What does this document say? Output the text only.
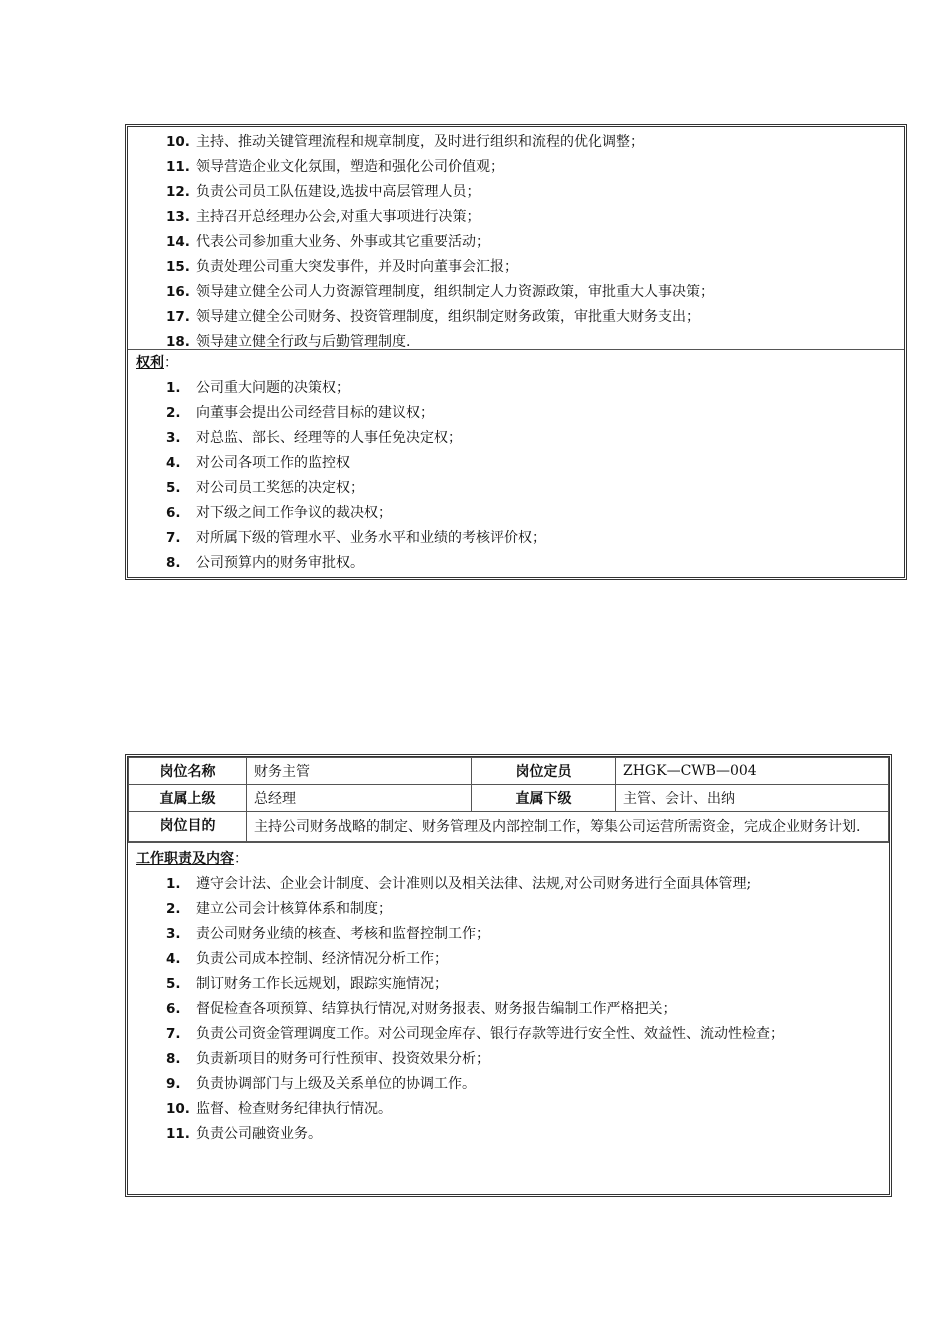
10. 主持、推动关键管理流程和规章制度，及时进行组织和流程的优化调整；
11. 领导营造企业文化氛围，塑造和强化公司价值观；
12. 负责公司员工队伍建设,选拔中高层管理人员；
13. 主持召开总经理办公会,对重大事项进行决策；
14. 代表公司参加重大业务、外事或其它重要活动；
15. 负责处理公司重大突发事件，并及时向董事会汇报；
16. 领导建立健全公司人力资源管理制度，组织制定人力资源政策，审批重大人事决策；
17. 领导建立健全公司财务、投资管理制度，组织制定财务政策，审批重大财务支出；
18. 领导建立健全行政与后勤管理制度.
权利：
1. 公司重大问题的决策权；
2. 向董事会提出公司经营目标的建议权；
3. 对总监、部长、经理等的人事任免决定权；
4. 对公司各项工作的监控权
5. 对公司员工奖惩的决定权；
6. 对下级之间工作争议的裁决权；
7. 对所属下级的管理水平、业务水平和业绩的考核评价权；
8. 公司预算内的财务审批权。
岗位名称	财务主管	岗位定员	ZHGK—CWB—004
直属上级	总经理	直属下级	主管、会计、出纳
岗位目的	主持公司财务战略的制定、财务管理及内部控制工作，筹集公司运营所需资金，完成企业财务计划.		
工作职责及内容：
1. 遵守会计法、企业会计制度、会计准则以及相关法律、法规,对公司财务进行全面具体管理;
2. 建立公司会计核算体系和制度；
3. 责公司财务业绩的核查、考核和监督控制工作；
4. 负责公司成本控制、经济情况分析工作；
5. 制订财务工作长远规划，跟踪实施情况；
6. 督促检查各项预算、结算执行情况,对财务报表、财务报告编制工作严格把关；
7. 负责公司资金管理调度工作。对公司现金库存、银行存款等进行安全性、效益性、流动性检查；
8. 负责新项目的财务可行性预审、投资效果分析；
9. 负责协调部门与上级及关系单位的协调工作。
10. 监督、检查财务纪律执行情况。
11. 负责公司融资业务。
